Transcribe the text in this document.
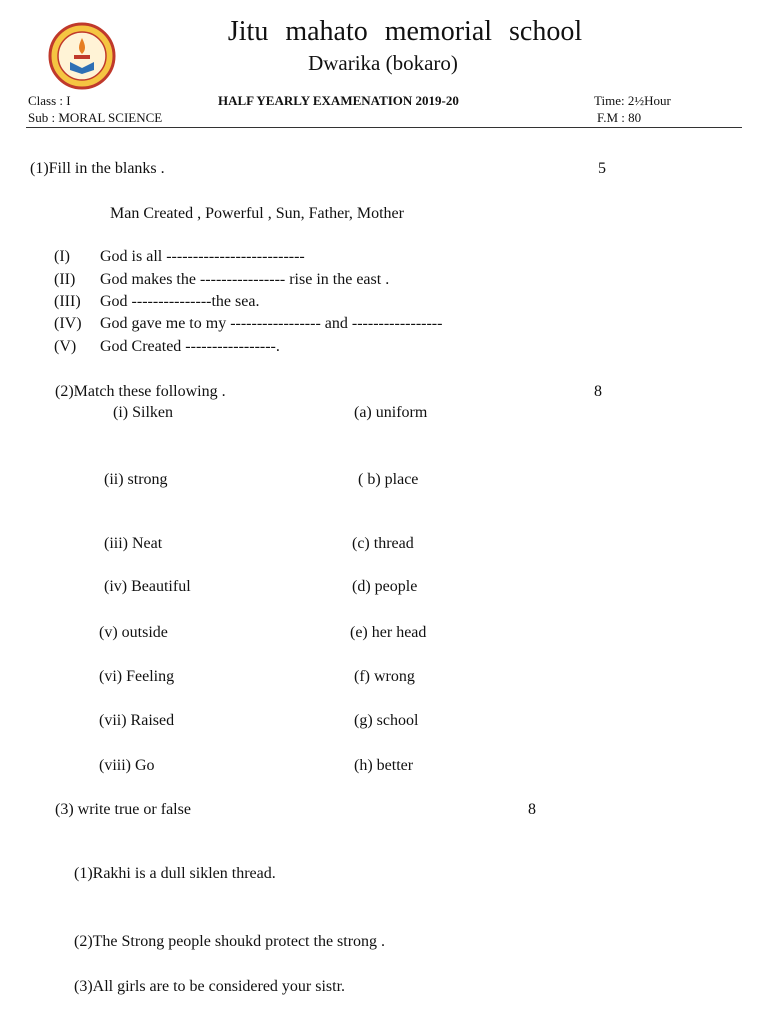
Jitu mahato memorial school
Dwarika (bokaro)
Class : I	HALF YEARLY EXAMENATION 2019-20	Time: 2½Hour
Sub : MORAL SCIENCE	F.M : 80
(1)Fill in the blanks .	5
Man Created , Powerful , Sun, Father, Mother
(I) God is all --------------------------
(II) God makes the ---------------- rise in the east .
(III) God ---------------the sea.
(IV) God gave me to my ----------------- and -----------------
(V) God Created -----------------.
(2)Match these following .	8
(i) Silken	(a) uniform
(ii) strong	( b) place
(iii) Neat	(c) thread
(iv) Beautiful	(d) people
(v) outside	(e) her head
(vi) Feeling	(f) wrong
(vii) Raised	(g) school
(viii) Go	(h) better
(3) write true or false	8
(1)Rakhi is a dull siklen thread.
(2)The Strong people shoukd protect the strong .
(3)All girls are to be considered your sistr.
